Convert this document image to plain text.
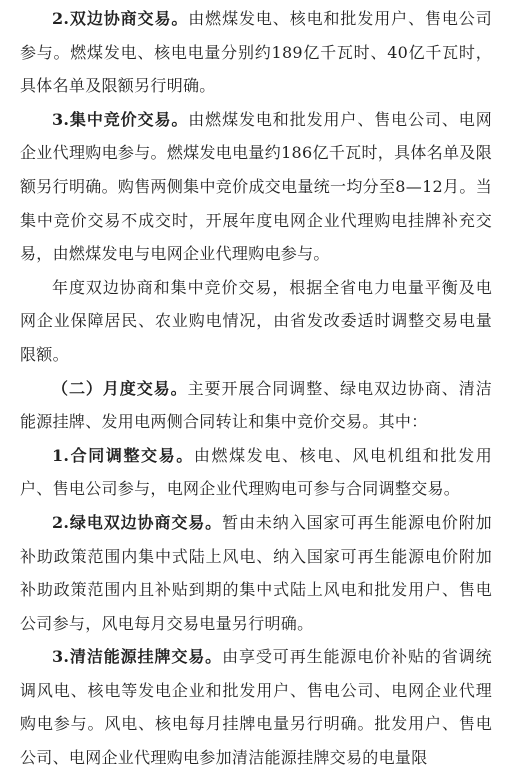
2.双边协商交易。由燃煤发电、核电和批发用户、售电公司参与。燃煤发电、核电电量分别约189亿千瓦时、40亿千瓦时，具体名单及限额另行明确。

3.集中竞价交易。由燃煤发电和批发用户、售电公司、电网企业代理购电参与。燃煤发电电量约186亿千瓦时，具体名单及限额另行明确。购售两侧集中竞价成交电量统一均分至8—12月。当集中竞价交易不成交时，开展年度电网企业代理购电挂牌补充交易，由燃煤发电与电网企业代理购电参与。

年度双边协商和集中竞价交易，根据全省电力电量平衡及电网企业保障居民、农业购电情况，由省发改委适时调整交易电量限额。

（二）月度交易。主要开展合同调整、绿电双边协商、清洁能源挂牌、发用电两侧合同转让和集中竞价交易。其中：

1.合同调整交易。由燃煤发电、核电、风电机组和批发用户、售电公司参与，电网企业代理购电可参与合同调整交易。

2.绿电双边协商交易。暂由未纳入国家可再生能源电价附加补助政策范围内集中式陆上风电、纳入国家可再生能源电价附加补助政策范围内且补贴到期的集中式陆上风电和批发用户、售电公司参与，风电每月交易电量另行明确。

3.清洁能源挂牌交易。由享受可再生能源电价补贴的省调统调风电、核电等发电企业和批发用户、售电公司、电网企业代理购电参与。风电、核电每月挂牌电量另行明确。批发用户、售电公司、电网企业代理购电参加清洁能源挂牌交易的电量限
